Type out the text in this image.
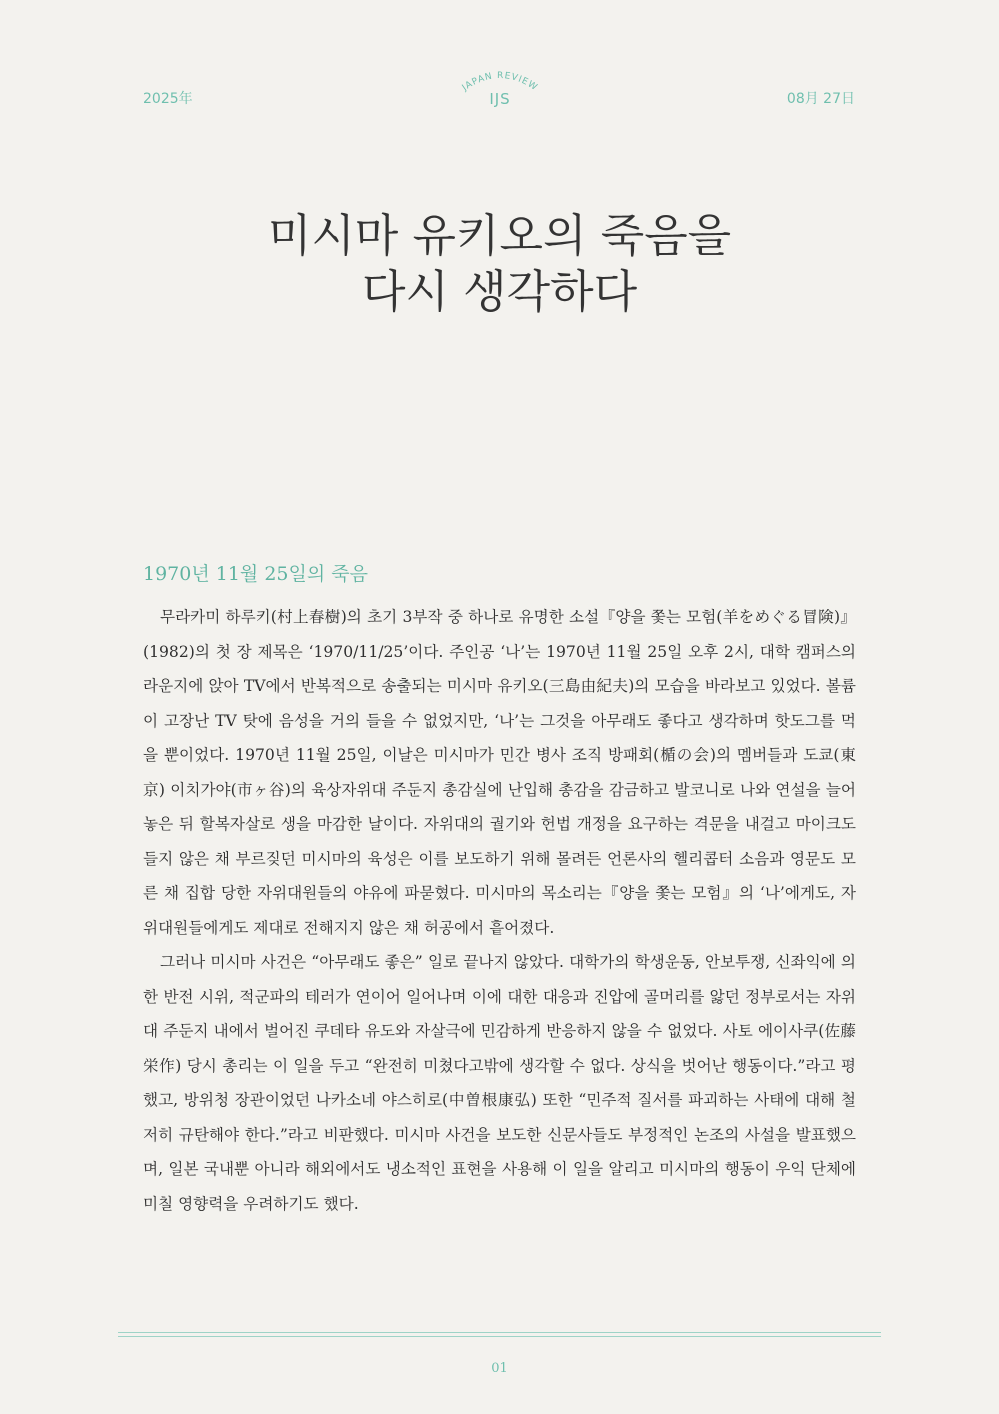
2025年
JAPAN REVIEW
IJS	08月 27日
미시마 유키오의 죽음을
다시 생각하다
1970년 11월 25일의 죽음

무라카미 하루키(村上春樹)의 초기 3부작 중 하나로 유명한 소설『양을 쫓는 모험(羊をめぐる冒険)』(1982)의 첫 장 제목은 ‘1970/11/25’이다. 주인공 ‘나’는 1970년 11월 25일 오후 2시, 대학 캠퍼스의 라운지에 앉아 TV에서 반복적으로 송출되는 미시마 유키오(三島由紀夫)의 모습을 바라보고 있었다. 볼륨이 고장난 TV 탓에 음성을 거의 들을 수 없었지만, ‘나’는 그것을 아무래도 좋다고 생각하며 핫도그를 먹을 뿐이었다. 1970년 11월 25일, 이날은 미시마가 민간 병사 조직 방패회(楯の会)의 멤버들과 도쿄(東京) 이치가야(市ヶ谷)의 육상자위대 주둔지 총감실에 난입해 총감을 감금하고 발코니로 나와 연설을 늘어놓은 뒤 할복자살로 생을 마감한 날이다. 자위대의 궐기와 헌법 개정을 요구하는 격문을 내걸고 마이크도 들지 않은 채 부르짖던 미시마의 육성은 이를 보도하기 위해 몰려든 언론사의 헬리콥터 소음과 영문도 모른 채 집합 당한 자위대원들의 야유에 파묻혔다. 미시마의 목소리는『양을 쫓는 모험』의 ‘나’에게도, 자위대원들에게도 제대로 전해지지 않은 채 허공에서 흩어졌다.

그러나 미시마 사건은 “아무래도 좋은” 일로 끝나지 않았다. 대학가의 학생운동, 안보투쟁, 신좌익에 의한 반전 시위, 적군파의 테러가 연이어 일어나며 이에 대한 대응과 진압에 골머리를 앓던 정부로서는 자위대 주둔지 내에서 벌어진 쿠데타 유도와 자살극에 민감하게 반응하지 않을 수 없었다. 사토 에이사쿠(佐藤栄作) 당시 총리는 이 일을 두고 “완전히 미쳤다고밖에 생각할 수 없다. 상식을 벗어난 행동이다.”라고 평했고, 방위청 장관이었던 나카소네 야스히로(中曽根康弘) 또한 “민주적 질서를 파괴하는 사태에 대해 철저히 규탄해야 한다.”라고 비판했다. 미시마 사건을 보도한 신문사들도 부정적인 논조의 사설을 발표했으며, 일본 국내뿐 아니라 해외에서도 냉소적인 표현을 사용해 이 일을 알리고 미시마의 행동이 우익 단체에 미칠 영향력을 우려하기도 했다.

01
